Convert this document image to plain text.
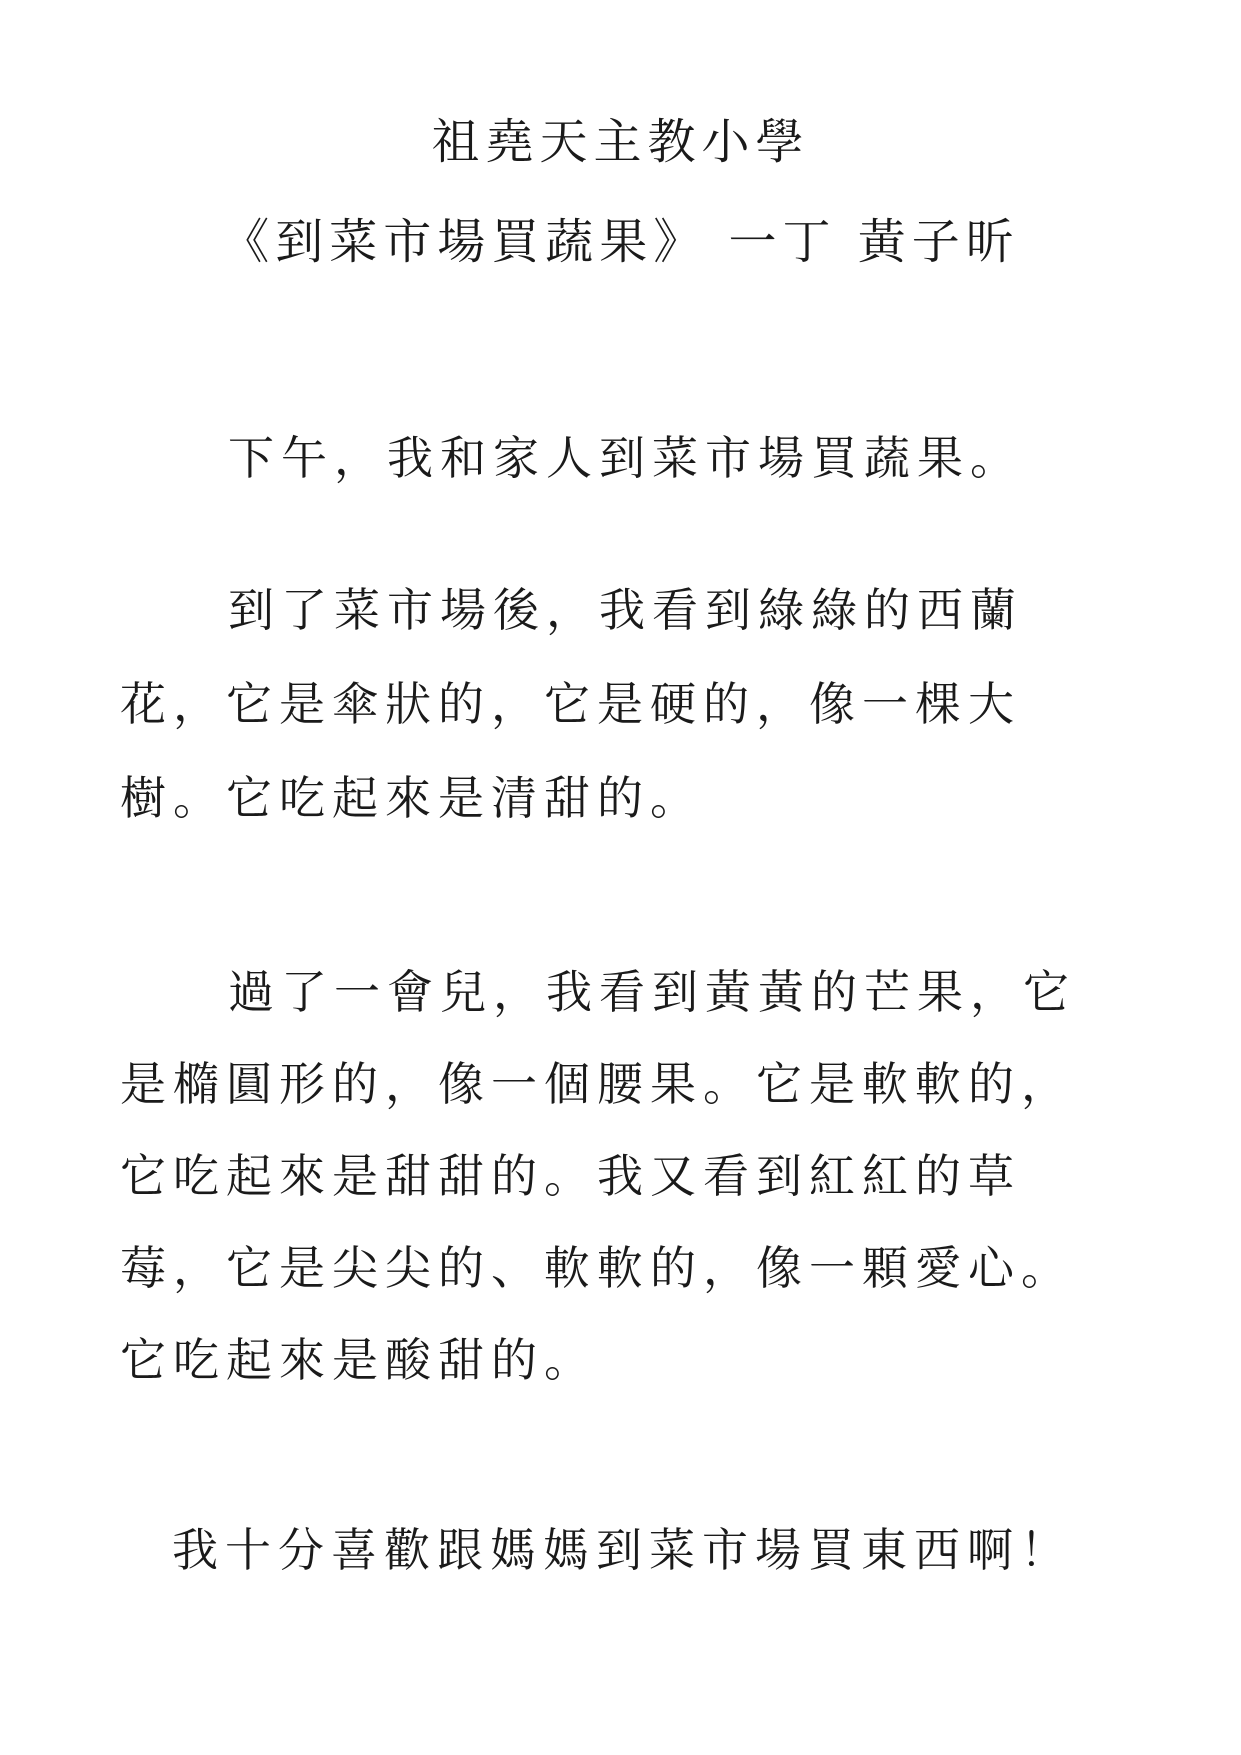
祖堯天主教小學
《到菜市場買蔬果》 一丁 黃子昕
下午，我和家人到菜市場買蔬果。
到了菜市場後，我看到綠綠的西蘭
花，它是傘狀的，它是硬的，像一棵大
樹。它吃起來是清甜的。
過了一會兒，我看到黃黃的芒果，它
是橢圓形的，像一個腰果。它是軟軟的，
它吃起來是甜甜的。我又看到紅紅的草
莓，它是尖尖的、軟軟的，像一顆愛心。
它吃起來是酸甜的。
我十分喜歡跟媽媽到菜市場買東西啊！
